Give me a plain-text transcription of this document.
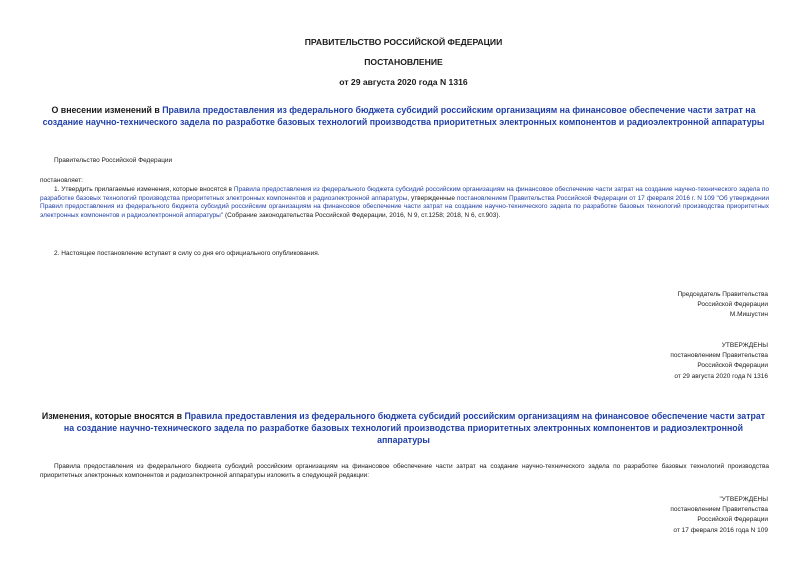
ПРАВИТЕЛЬСТВО РОССИЙСКОЙ ФЕДЕРАЦИИ
ПОСТАНОВЛЕНИЕ
от 29 августа 2020 года N 1316
О внесении изменений в Правила предоставления из федерального бюджета субсидий российским организациям на финансовое обеспечение части затрат на создание научно-технического задела по разработке базовых технологий производства приоритетных электронных компонентов и радиоэлектронной аппаратуры
Правительство Российской Федерации
постановляет:
1. Утвердить прилагаемые изменения, которые вносятся в Правила предоставления из федерального бюджета субсидий российским организациям на финансовое обеспечение части затрат на создание научно-технического задела по разработке базовых технологий производства приоритетных электронных компонентов и радиоэлектронной аппаратуры, утвержденные постановлением Правительства Российской Федерации от 17 февраля 2016 г. N 109 "Об утверждении Правил предоставления из федерального бюджета субсидий российским организациям на финансовое обеспечение части затрат на создание научно-технического задела по разработке базовых технологий производства приоритетных электронных компонентов и радиоэлектронной аппаратуры" (Собрание законодательства Российской Федерации, 2016, N 9, ст.1258; 2018, N 6, ст.903).
2. Настоящее постановление вступает в силу со дня его официального опубликования.
Председатель Правительства
Российской Федерации
М.Мишустин
УТВЕРЖДЕНЫ
постановлением Правительства
Российской Федерации
от 29 августа 2020 года N 1316
Изменения, которые вносятся в Правила предоставления из федерального бюджета субсидий российским организациям на финансовое обеспечение части затрат на создание научно-технического задела по разработке базовых технологий производства приоритетных электронных компонентов и радиоэлектронной аппаратуры
Правила предоставления из федерального бюджета субсидий российским организациям на финансовое обеспечение части затрат на создание научно-технического задела по разработке базовых технологий производства приоритетных электронных компонентов и радиоэлектронной аппаратуры изложить в следующей редакции:
"УТВЕРЖДЕНЫ
постановлением Правительства
Российской Федерации
от 17 февраля 2016 года N 109
